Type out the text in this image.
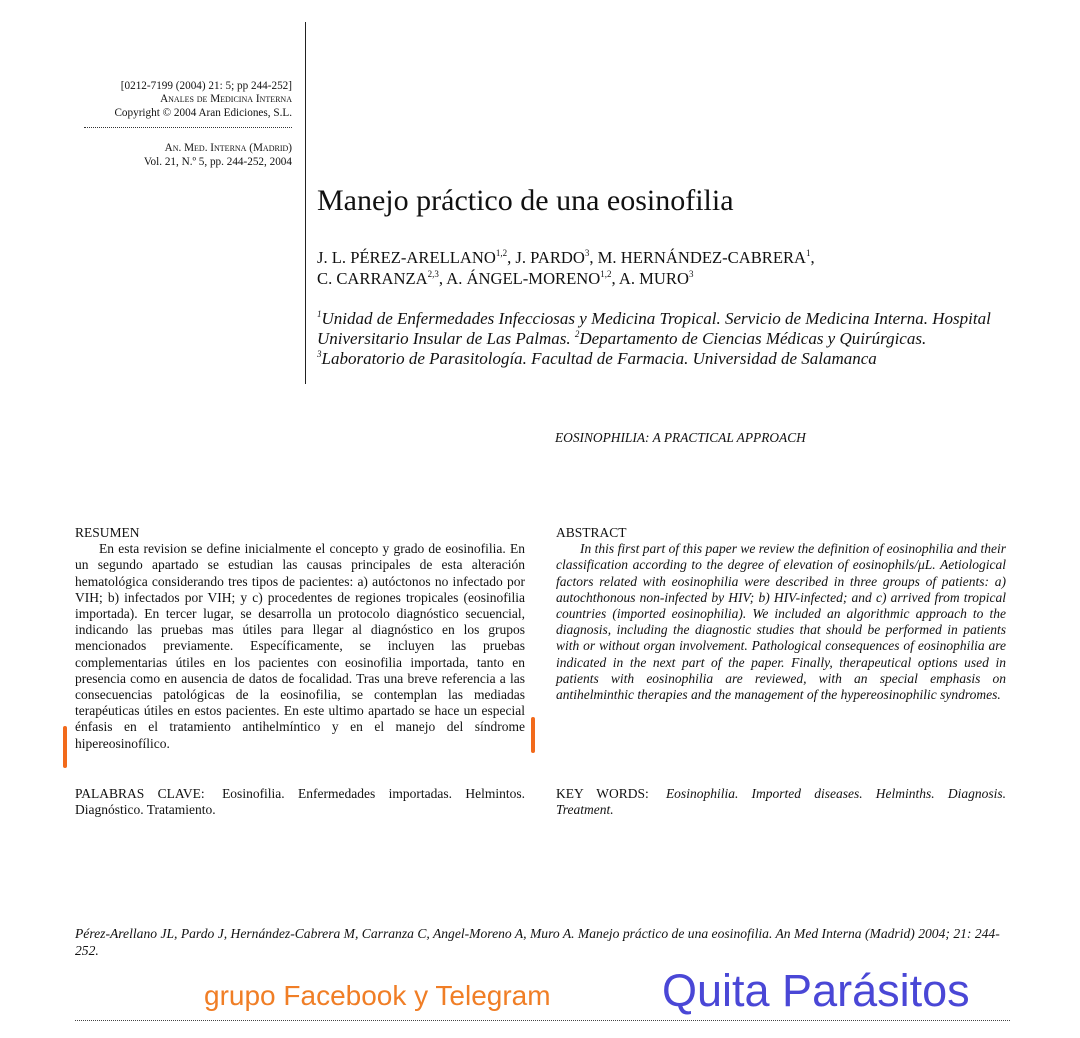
[0212-7199 (2004) 21: 5; pp 244-252]
Anales de Medicina Interna
Copyright © 2004 Aran Ediciones, S.L.
An. Med. Interna (Madrid)
Vol. 21, N.º 5, pp. 244-252, 2004
Manejo práctico de una eosinofilia
J. L. PÉREZ-ARELLANO$^{1,2}$, J. PARDO$^3$, M. HERNÁNDEZ-CABRERA$^1$,
C. CARRANZA$^{2,3}$, A. ÁNGEL-MORENO$^{1,2}$, A. MURO$^3$
$^1$Unidad de Enfermedades Infecciosas y Medicina Tropical. Servicio de Medicina Interna. Hospital Universitario Insular de Las Palmas. $^2$Departamento de Ciencias Médicas y Quirúrgicas. $^3$Laboratorio de Parasitología. Facultad de Farmacia. Universidad de Salamanca
EOSINOPHILIA: A PRACTICAL APPROACH
RESUMEN

En esta revision se define inicialmente el concepto y grado de eosinofilia. En un segundo apartado se estudian las causas principales de esta alteración hematológica considerando tres tipos de pacientes: a) autóctonos no infectado por VIH; b) infectados por VIH; y c) procedentes de regiones tropicales (eosinofilia importada). En tercer lugar, se desarrolla un protocolo diagnóstico secuencial, indicando las pruebas mas útiles para llegar al diagnóstico en los grupos mencionados previamente. Específicamente, se incluyen las pruebas complementarias útiles en los pacientes con eosinofilia importada, tanto en presencia como en ausencia de datos de focalidad. Tras una breve referencia a las consecuencias patológicas de la eosinofilia, se contemplan las mediadas terapéuticas útiles en estos pacientes. En este ultimo apartado se hace un especial énfasis en el tratamiento antihelmíntico y en el manejo del síndrome hipereosinofílico.

ABSTRACT

In this first part of this paper we review the definition of eosinophilia and their classification according to the degree of elevation of eosinophils/μL. Aetiological factors related with eosinophilia were described in three groups of patients: a) autochthonous non-infected by HIV; b) HIV-infected; and c) arrived from tropical countries (imported eosinophilia). We included an algorithmic approach to the diagnosis, including the diagnostic studies that should be performed in patients with or without organ involvement. Pathological consequences of eosinophilia are indicated in the next part of the paper. Finally, therapeutical options used in patients with eosinophilia are reviewed, with an special emphasis on antihelminthic therapies and the management of the hypereosinophilic syndromes.

PALABRAS CLAVE: Eosinofilia. Enfermedades importadas. Helmintos. Diagnóstico. Tratamiento.
KEY WORDS: Eosinophilia. Imported diseases. Helminths. Diagnosis. Treatment.
Pérez-Arellano JL, Pardo J, Hernández-Cabrera M, Carranza C, Angel-Moreno A, Muro A. Manejo práctico de una eosinofilia. An Med Interna (Madrid) 2004; 21: 244-252.
grupo Facebook y Telegram Quita Parásitos
